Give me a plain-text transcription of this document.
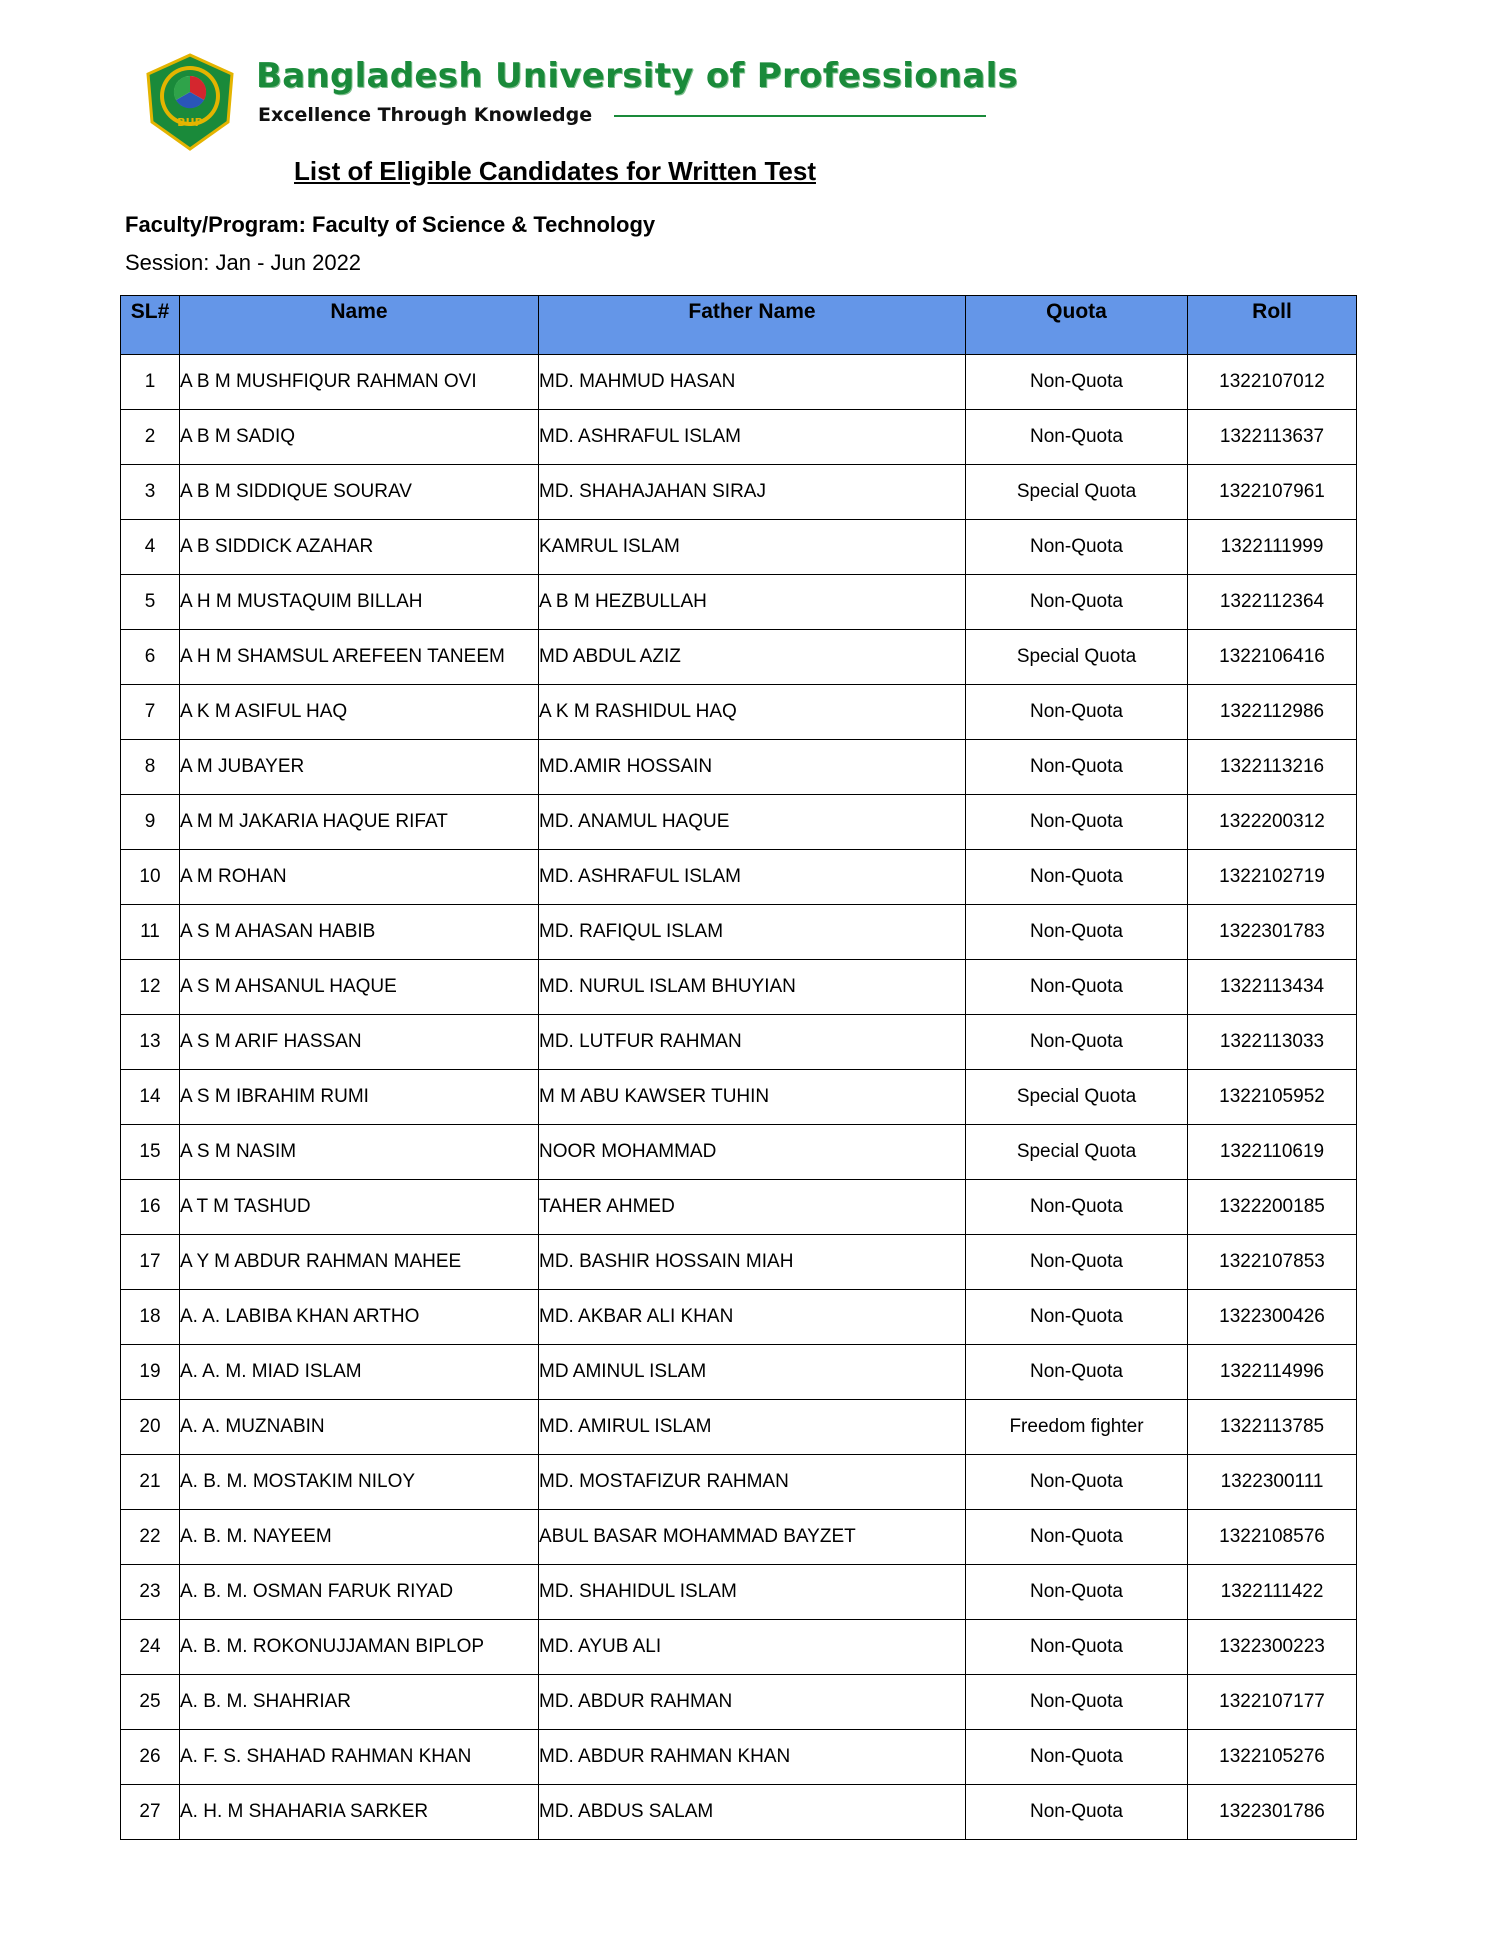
BUP
Bangladesh University of Professionals
Excellence Through Knowledge
List of Eligible Candidates for Written Test
Faculty/Program: Faculty of Science & Technology
Session: Jan - Jun 2022
SL#	Name	Father Name	Quota	Roll
1	A B M MUSHFIQUR RAHMAN OVI	MD. MAHMUD HASAN	Non-Quota	1322107012
2	A B M SADIQ	MD. ASHRAFUL ISLAM	Non-Quota	1322113637
3	A B M SIDDIQUE SOURAV	MD. SHAHAJAHAN SIRAJ	Special Quota	1322107961
4	A B SIDDICK AZAHAR	KAMRUL ISLAM	Non-Quota	1322111999
5	A H M MUSTAQUIM BILLAH	A B M HEZBULLAH	Non-Quota	1322112364
6	A H M SHAMSUL AREFEEN TANEEM	MD ABDUL AZIZ	Special Quota	1322106416
7	A K M ASIFUL HAQ	A K M RASHIDUL HAQ	Non-Quota	1322112986
8	A M JUBAYER	MD.AMIR HOSSAIN	Non-Quota	1322113216
9	A M M JAKARIA HAQUE RIFAT	MD. ANAMUL HAQUE	Non-Quota	1322200312
10	A M ROHAN	MD. ASHRAFUL ISLAM	Non-Quota	1322102719
11	A S M AHASAN HABIB	MD. RAFIQUL ISLAM	Non-Quota	1322301783
12	A S M AHSANUL HAQUE	MD. NURUL ISLAM BHUYIAN	Non-Quota	1322113434
13	A S M ARIF HASSAN	MD. LUTFUR RAHMAN	Non-Quota	1322113033
14	A S M IBRAHIM RUMI	M M ABU KAWSER TUHIN	Special Quota	1322105952
15	A S M NASIM	NOOR MOHAMMAD	Special Quota	1322110619
16	A T M TASHUD	TAHER AHMED	Non-Quota	1322200185
17	A Y M ABDUR RAHMAN MAHEE	MD. BASHIR HOSSAIN MIAH	Non-Quota	1322107853
18	A. A. LABIBA KHAN ARTHO	MD. AKBAR ALI KHAN	Non-Quota	1322300426
19	A. A. M. MIAD ISLAM	MD AMINUL ISLAM	Non-Quota	1322114996
20	A. A. MUZNABIN	MD. AMIRUL ISLAM	Freedom fighter	1322113785
21	A. B. M. MOSTAKIM NILOY	MD. MOSTAFIZUR RAHMAN	Non-Quota	1322300111
22	A. B. M. NAYEEM	ABUL BASAR MOHAMMAD BAYZET	Non-Quota	1322108576
23	A. B. M. OSMAN FARUK RIYAD	MD. SHAHIDUL ISLAM	Non-Quota	1322111422
24	A. B. M. ROKONUJJAMAN BIPLOP	MD. AYUB ALI	Non-Quota	1322300223
25	A. B. M. SHAHRIAR	MD. ABDUR RAHMAN	Non-Quota	1322107177
26	A. F. S. SHAHAD RAHMAN KHAN	MD. ABDUR RAHMAN KHAN	Non-Quota	1322105276
27	A. H. M SHAHARIA SARKER	MD. ABDUS SALAM	Non-Quota	1322301786
